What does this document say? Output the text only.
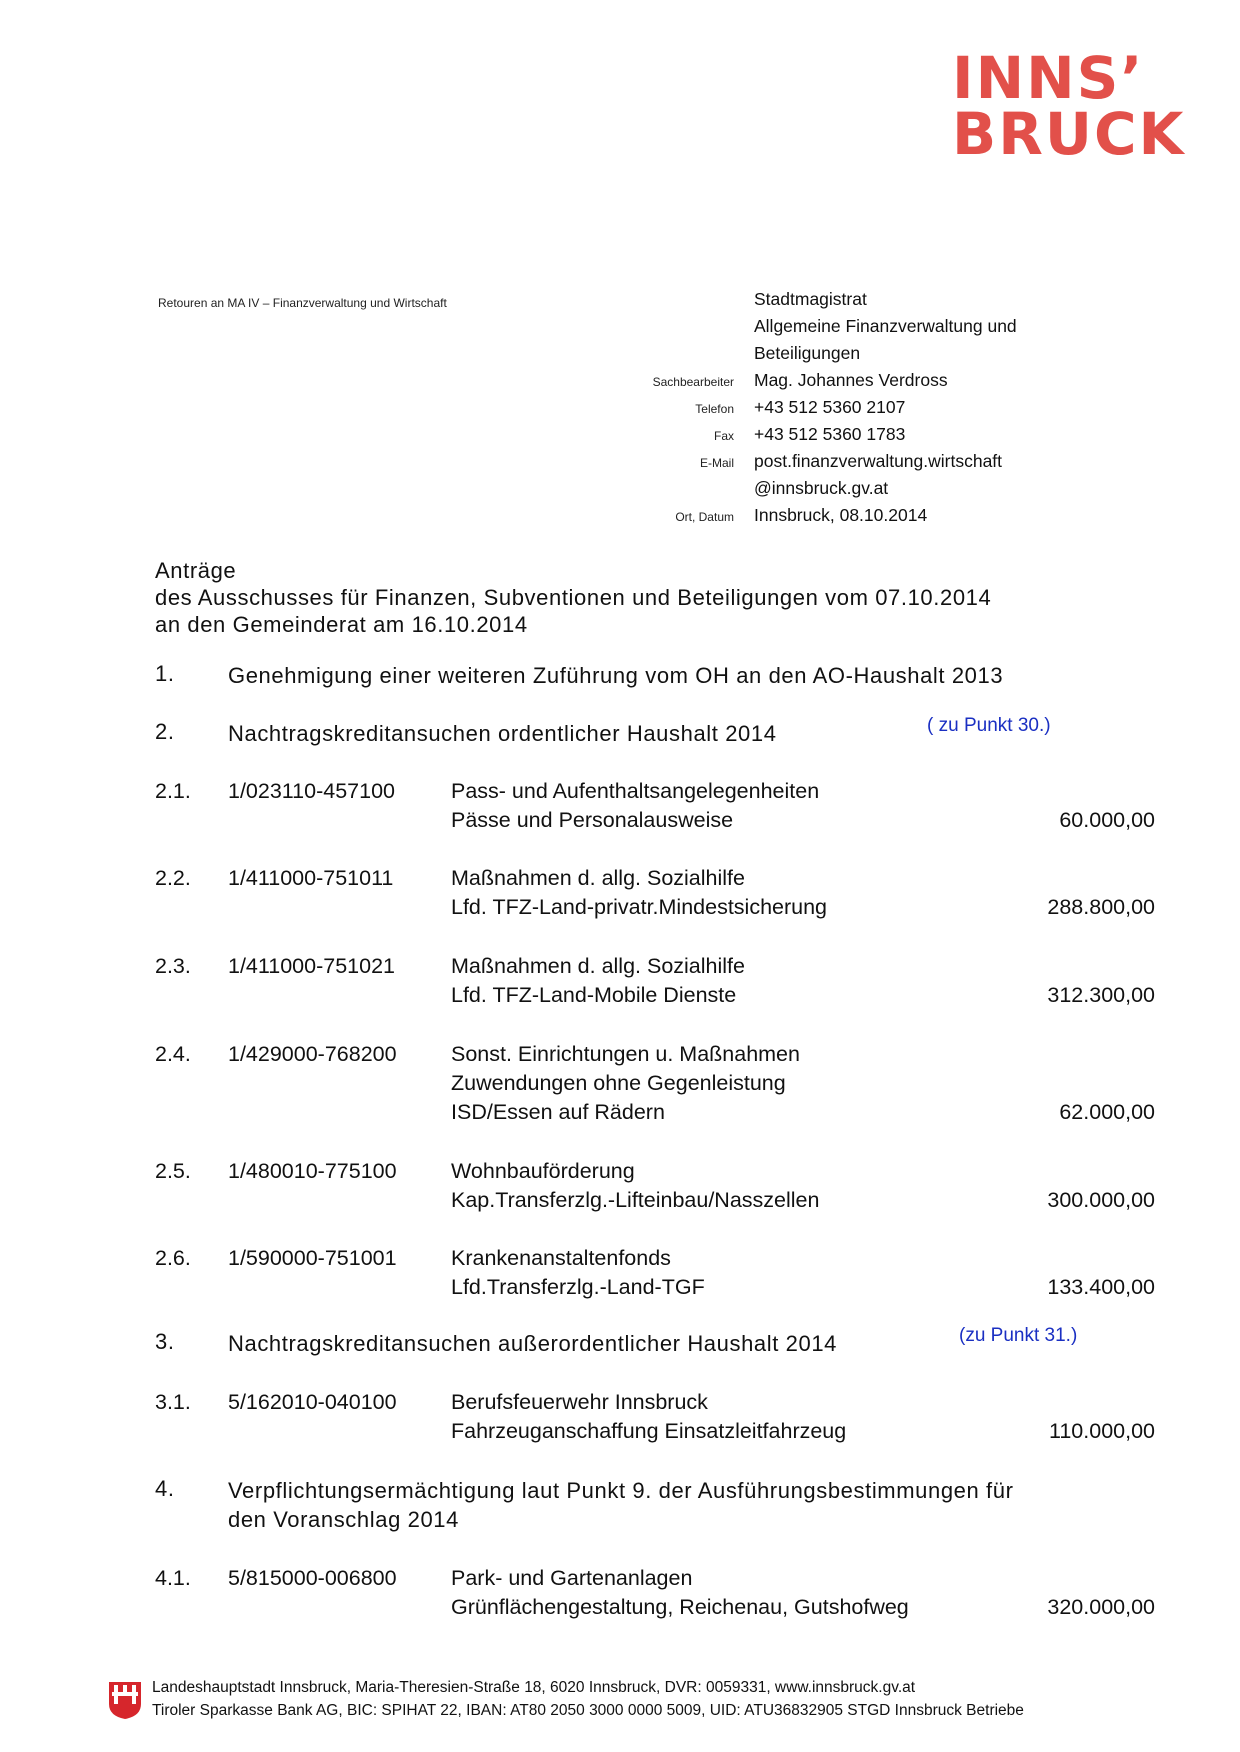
INNS’
BRUCK
Retouren an MA IV – Finanzverwaltung und Wirtschaft	Stadtmagistrat
Allgemeine Finanzverwaltung und
Beteiligungen
Sachbearbeiter	Mag. Johannes Verdross
Telefon	+43 512 5360 2107
Fax	+43 512 5360 1783
E-Mail	post.finanzverwaltung.wirtschaft
@innsbruck.gv.at
Ort, Datum	Innsbruck, 08.10.2014
Anträge
des Ausschusses für Finanzen, Subventionen und Beteiligungen vom 07.10.2014
an den Gemeinderat am 16.10.2014
1. Genehmigung einer weiteren Zuführung vom OH an den AO-Haushalt 2013
2. Nachtragskreditansuchen ordentlicher Haushalt 2014	( zu Punkt 30.)
2.1. 1/023110-457100	Pass- und Aufenthaltsangelegenheiten
Pässe und Personalausweise	60.000,00
2.2. 1/411000-751011	Maßnahmen d. allg. Sozialhilfe
Lfd. TFZ-Land-privatr.Mindestsicherung	288.800,00
2.3. 1/411000-751021	Maßnahmen d. allg. Sozialhilfe
Lfd. TFZ-Land-Mobile Dienste	312.300,00
2.4. 1/429000-768200	Sonst. Einrichtungen u. Maßnahmen
Zuwendungen ohne Gegenleistung
ISD/Essen auf Rädern	62.000,00
2.5. 1/480010-775100	Wohnbauförderung
Kap.Transferzlg.-Lifteinbau/Nasszellen	300.000,00
2.6. 1/590000-751001	Krankenanstaltenfonds
Lfd.Transferzlg.-Land-TGF	133.400,00
3. Nachtragskreditansuchen außerordentlicher Haushalt 2014	(zu Punkt 31.)
3.1. 5/162010-040100	Berufsfeuerwehr Innsbruck
Fahrzeuganschaffung Einsatzleitfahrzeug	110.000,00
4. Verpflichtungsermächtigung laut Punkt 9. der Ausführungsbestimmungen für
den Voranschlag 2014
4.1. 5/815000-006800	Park- und Gartenanlagen
Grünflächengestaltung, Reichenau, Gutshofweg	320.000,00
Landeshauptstadt Innsbruck, Maria-Theresien-Straße 18, 6020 Innsbruck, DVR: 0059331, www.innsbruck.gv.at
Tiroler Sparkasse Bank AG, BIC: SPIHAT 22, IBAN: AT80 2050 3000 0000 5009, UID: ATU36832905 STGD Innsbruck Betriebe
